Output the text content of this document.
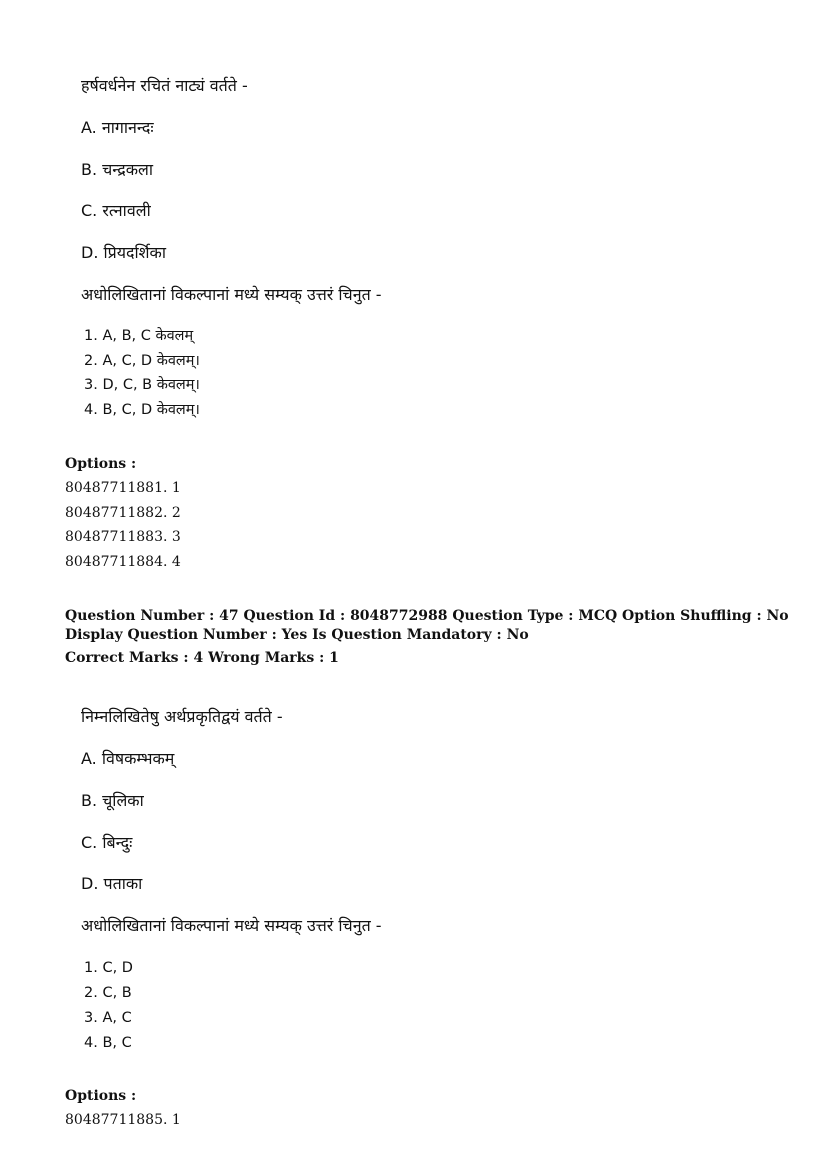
हर्षवर्धनेन रचितं नाट्यं वर्तते -
A. नागानन्दः
B. चन्द्रकला
C. रत्नावली
D. प्रियदर्शिका
अधोलिखितानां विकल्पानां मध्ये सम्यक् उत्तरं चिनुत -
1. A, B, C केवलम्
2. A, C, D केवलम्।
3. D, C, B केवलम्।
4. B, C, D केवलम्।
Options :
80487711881. 1
80487711882. 2
80487711883. 3
80487711884. 4
Question Number : 47 Question Id : 8048772988 Question Type : MCQ Option Shuffling : No
Display Question Number : Yes Is Question Mandatory : No
Correct Marks : 4 Wrong Marks : 1
निम्नलिखितेषु अर्थप्रकृतिद्वयं वर्तते -
A. विषकम्भकम्
B. चूलिका
C. बिन्दुः
D. पताका
अधोलिखितानां विकल्पानां मध्ये सम्यक् उत्तरं चिनुत -
1. C, D
2. C, B
3. A, C
4. B, C
Options :
80487711885. 1
